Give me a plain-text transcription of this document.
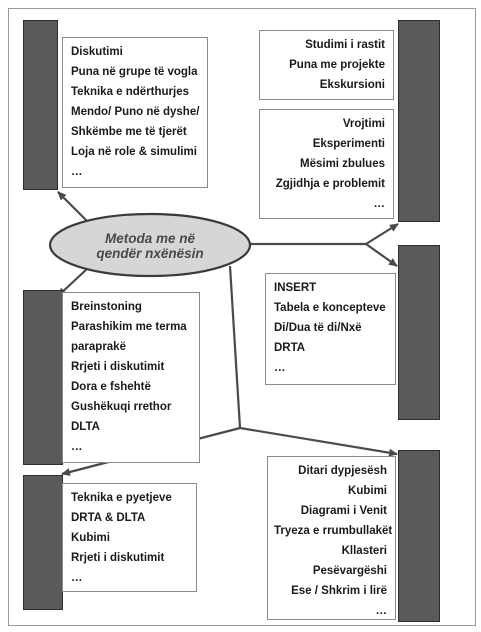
Metoda me në
qendër nxënësin
Diskutimi
Puna në grupe të vogla
Teknika e ndërthurjes
Mendo/ Puno në dyshe/
Shkëmbe me të tjerët
Loja në role & simulimi
…
Studimi i rastit
Puna me projekte
Ekskursioni
Vrojtimi
Eksperimenti
Mësimi zbulues
Zgjidhja e problemit
…
Breinstoning
Parashikim me terma
paraprakë
Rrjeti i diskutimit
Dora e fshehtë
Gushëkuqi rrethor
DLTA
…
INSERT
Tabela e koncepteve
Di/Dua të di/Nxë
DRTA
…
Teknika e pyetjeve
DRTA & DLTA
Kubimi
Rrjeti i diskutimit
…
Ditari dypjesësh
Kubimi
Diagrami i Venit
Tryeza e rrumbullakët
Kllasteri
Pesëvargëshi
Ese / Shkrim i lirë
…
